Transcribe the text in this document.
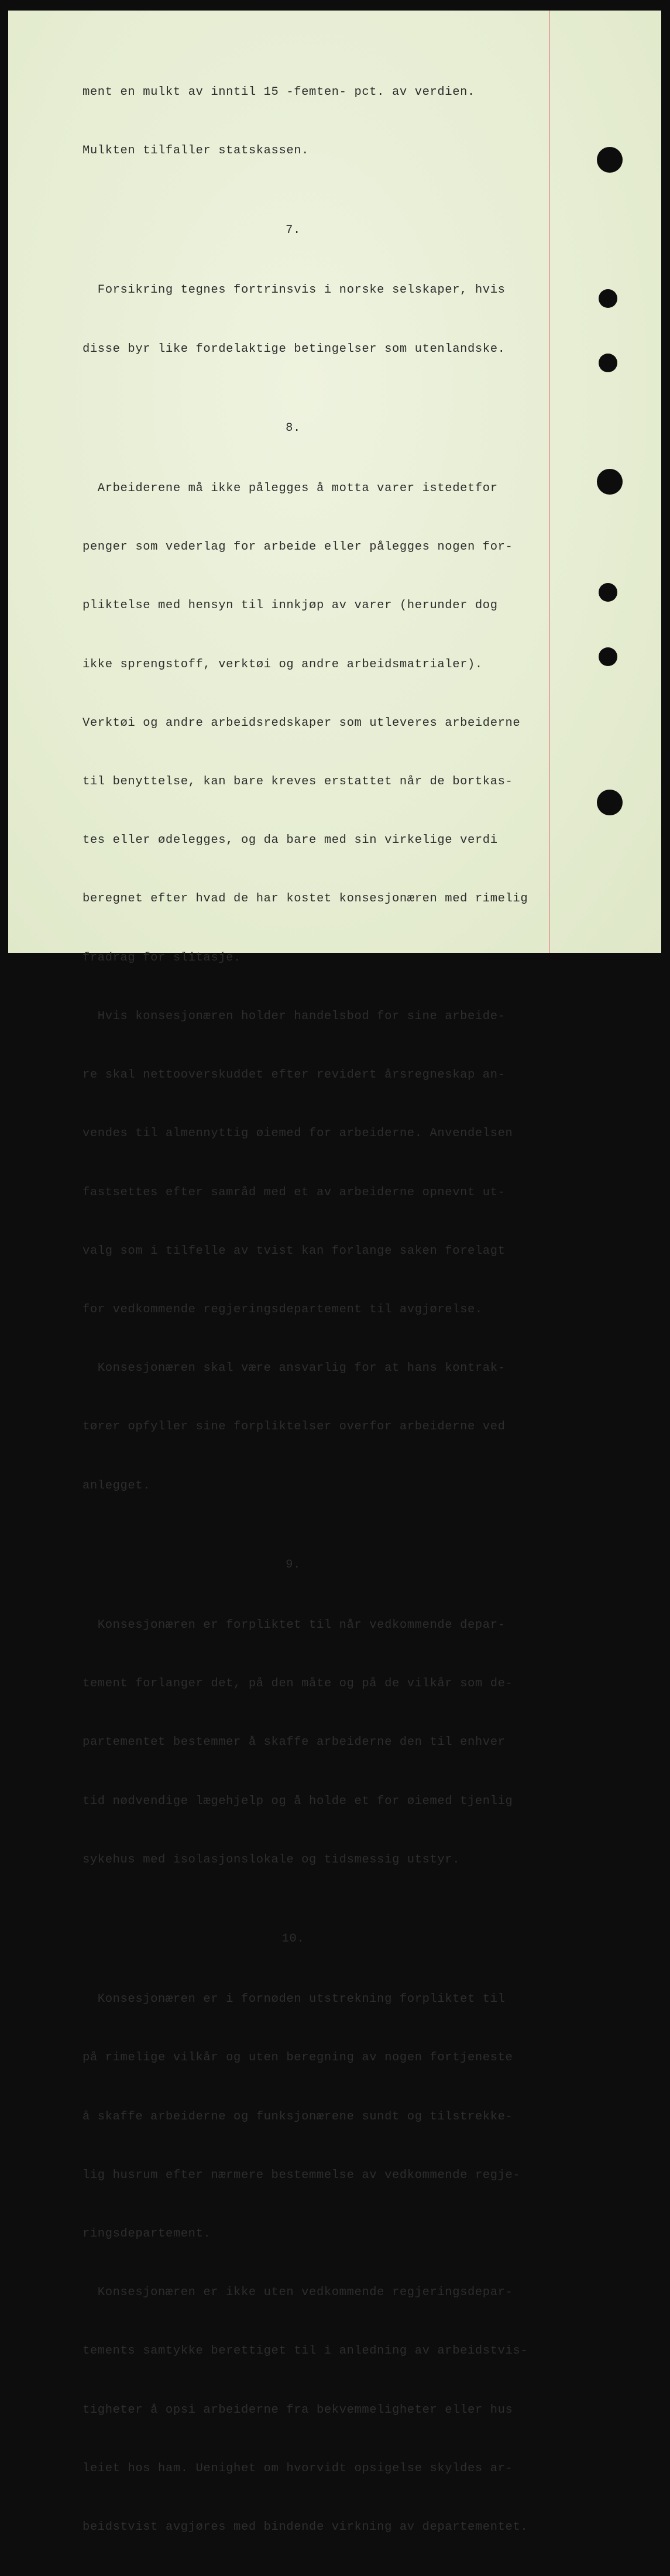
ment en mulkt av inntil 15 -femten- pct. av verdien.

Mulkten tilfaller statskassen.

7.

Forsikring tegnes fortrinsvis i norske selskaper, hvis

disse byr like fordelaktige betingelser som utenlandske.

8.

Arbeiderene må ikke pålegges å motta varer istedetfor

penger som vederlag for arbeide eller pålegges nogen for-

pliktelse med hensyn til innkjøp av varer (herunder dog

ikke sprengstoff, verktøi og andre arbeidsmatrialer).

Verktøi og andre arbeidsredskaper som utleveres arbeiderne

til benyttelse, kan bare kreves erstattet når de bortkas-

tes eller ødelegges, og da bare med sin virkelige verdi

beregnet efter hvad de har kostet konsesjonæren med rimelig

fradrag for slitasje.

Hvis konsesjonæren holder handelsbod for sine arbeide-

re skal nettooverskuddet efter revidert årsregneskap an-

vendes til almennyttig øiemed for arbeiderne. Anvendelsen

fastsettes efter samråd med et av arbeiderne opnevnt ut-

valg som i tilfelle av tvist kan forlange saken forelagt

for vedkommende regjeringsdepartement til avgjørelse.

Konsesjonæren skal være ansvarlig for at hans kontrak-

tører opfyller sine forpliktelser overfor arbeiderne ved

anlegget.

9.

Konsesjonæren er forpliktet til når vedkommende depar-

tement forlanger det, på den måte og på de vilkår som de-

partementet bestemmer å skaffe arbeiderne den til enhver

tid nødvendige lægehjelp og å holde et for øiemed tjenlig

sykehus med isolasjonslokale og tidsmessig utstyr.

10.

Konsesjonæren er i fornøden utstrekning forpliktet til

på rimelige vilkår og uten beregning av nogen fortjeneste

å skaffe arbeiderne og funksjonærene sundt og tilstrekke-

lig husrum efter nærmere bestemmelse av vedkommende regje-

ringsdepartement.

Konsesjonæren er ikke uten vedkommende regjeringsdepar-

tements samtykke berettiget til i anledning av arbeidstvis-

tigheter å opsi arbeiderne fra bekvemmeligheter eller hus

leiet hos ham. Uenighet om hvorvidt opsigelse skyldes ar-

beidstvist avgjøres med bindende virkning av departementet.
